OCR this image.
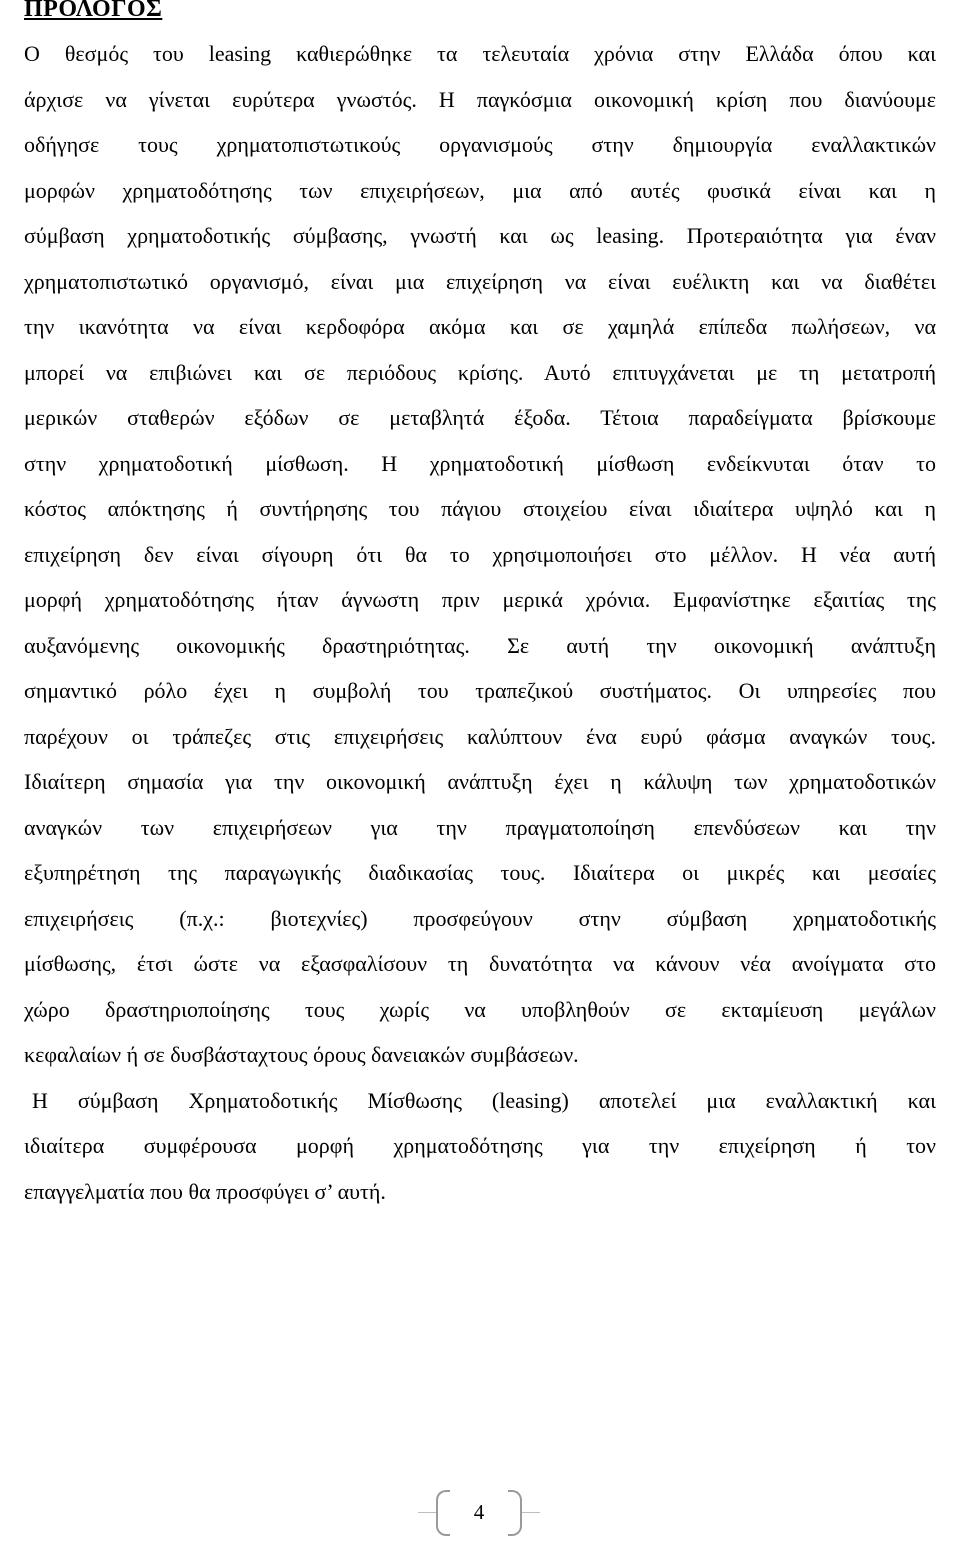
ΠΡΟΛΟΓΟΣ
Ο θεσμός του leasing καθιερώθηκε τα τελευταία χρόνια στην Ελλάδα όπου και
άρχισε να γίνεται ευρύτερα γνωστός. Η παγκόσμια οικονομική κρίση που διανύουμε
οδήγησε τους χρηματοπιστωτικούς οργανισμούς στην δημιουργία εναλλακτικών
μορφών χρηματοδότησης των επιχειρήσεων, μια από αυτές φυσικά είναι και η
σύμβαση χρηματοδοτικής σύμβασης, γνωστή και ως leasing. Προτεραιότητα για έναν
χρηματοπιστωτικό οργανισμό, είναι μια επιχείρηση να είναι ευέλικτη και να διαθέτει
την ικανότητα να είναι κερδοφόρα ακόμα και σε χαμηλά επίπεδα πωλήσεων, να
μπορεί να επιβιώνει και σε περιόδους κρίσης. Αυτό επιτυγχάνεται με τη μετατροπή
μερικών σταθερών εξόδων σε μεταβλητά έξοδα. Τέτοια παραδείγματα βρίσκουμε
στην χρηματοδοτική μίσθωση. Η χρηματοδοτική μίσθωση ενδείκνυται όταν το
κόστος απόκτησης ή συντήρησης του πάγιου στοιχείου είναι ιδιαίτερα υψηλό και η
επιχείρηση δεν είναι σίγουρη ότι θα το χρησιμοποιήσει στο μέλλον. Η νέα αυτή
μορφή χρηματοδότησης ήταν άγνωστη πριν μερικά χρόνια. Εμφανίστηκε εξαιτίας της
αυξανόμενης οικονομικής δραστηριότητας. Σε αυτή την οικονομική ανάπτυξη
σημαντικό ρόλο έχει η συμβολή του τραπεζικού συστήματος. Οι υπηρεσίες που
παρέχουν οι τράπεζες στις επιχειρήσεις καλύπτουν ένα ευρύ φάσμα αναγκών τους.
Ιδιαίτερη σημασία για την οικονομική ανάπτυξη έχει η κάλυψη των χρηματοδοτικών
αναγκών των επιχειρήσεων για την πραγματοποίηση επενδύσεων και την
εξυπηρέτηση της παραγωγικής διαδικασίας τους. Ιδιαίτερα οι μικρές και μεσαίες
επιχειρήσεις (π.χ.: βιοτεχνίες) προσφεύγουν στην σύμβαση χρηματοδοτικής
μίσθωσης, έτσι ώστε να εξασφαλίσουν τη δυνατότητα να κάνουν νέα ανοίγματα στο
χώρο δραστηριοποίησης τους χωρίς να υποβληθούν σε εκταμίευση μεγάλων
κεφαλαίων ή σε δυσβάσταχτους όρους δανειακών συμβάσεων.
Η σύμβαση Χρηματοδοτικής Μίσθωσης (leasing) αποτελεί μια εναλλακτική και
ιδιαίτερα συμφέρουσα μορφή χρηματοδότησης για την επιχείρηση ή τον
επαγγελματία που θα προσφύγει σ’ αυτή.
4
